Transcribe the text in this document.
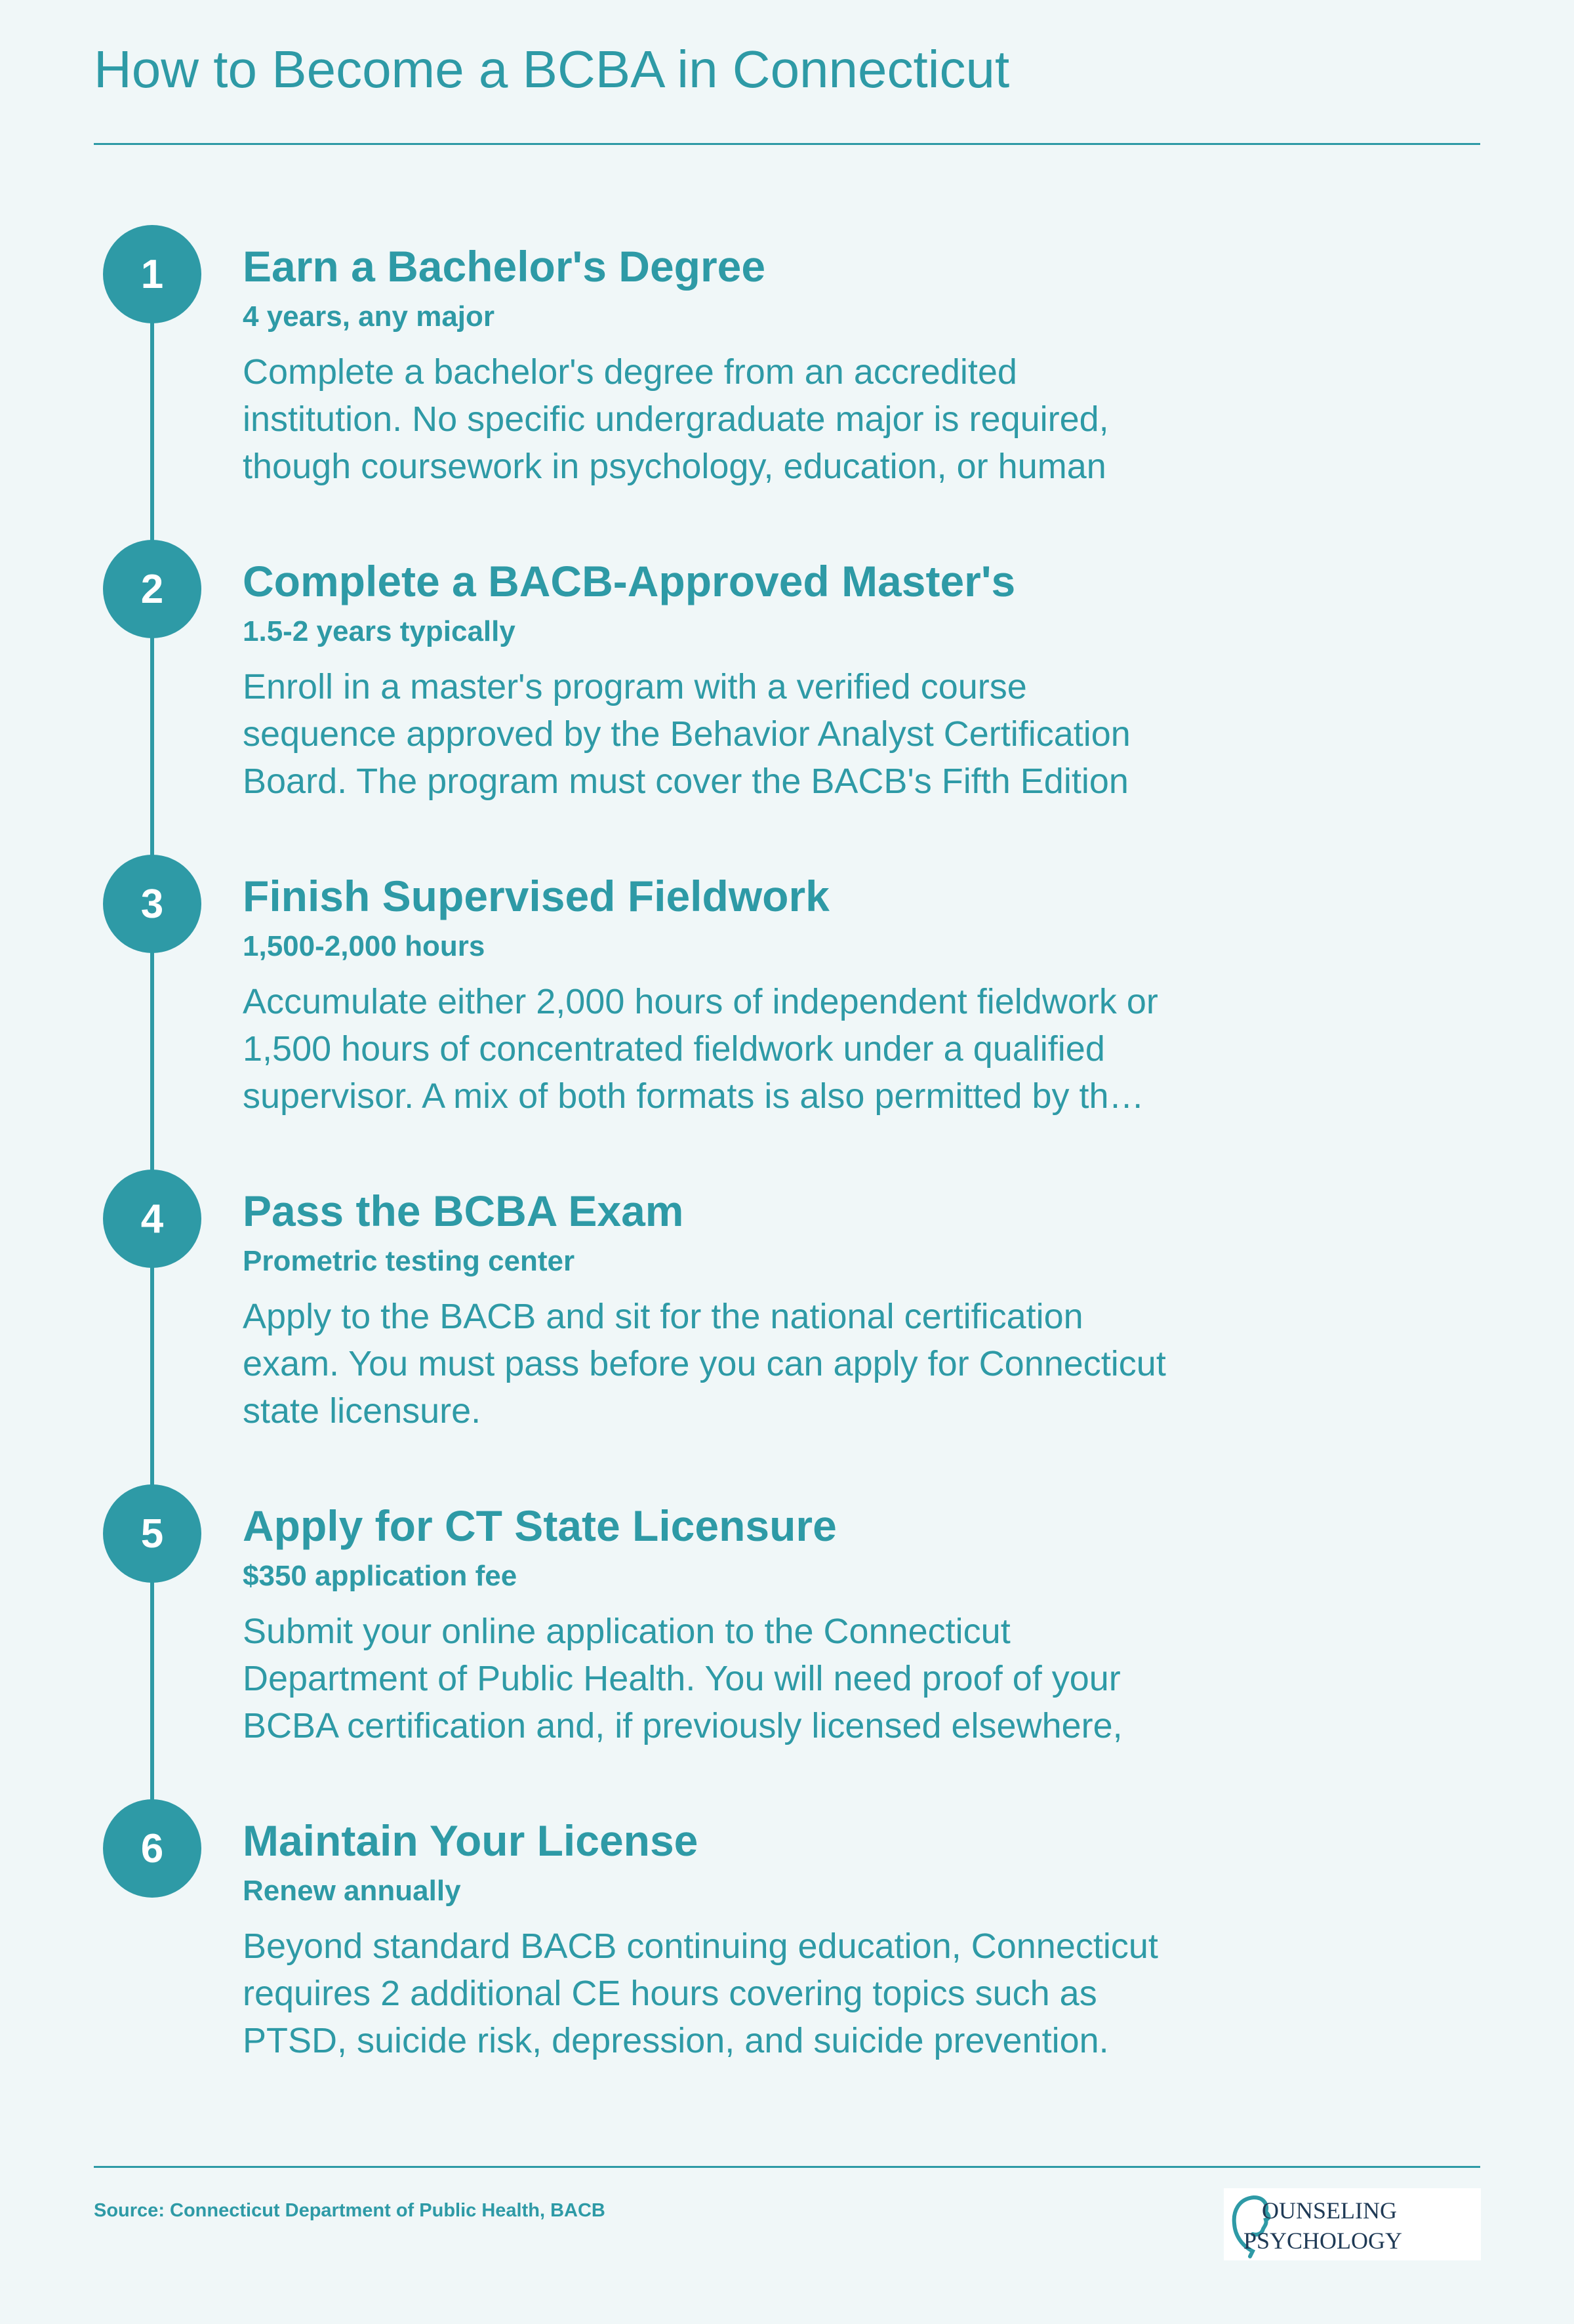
How to Become a BCBA in Connecticut
1	Earn a Bachelor's Degree
4 years, any major
Complete a bachelor's degree from an accredited
institution. No specific undergraduate major is required,
though coursework in psychology, education, or human
2	Complete a BACB-Approved Master's
1.5-2 years typically
Enroll in a master's program with a verified course
sequence approved by the Behavior Analyst Certification
Board. The program must cover the BACB's Fifth Edition
3	Finish Supervised Fieldwork
1,500-2,000 hours
Accumulate either 2,000 hours of independent fieldwork or
1,500 hours of concentrated fieldwork under a qualified
supervisor. A mix of both formats is also permitted by th…
4	Pass the BCBA Exam
Prometric testing center
Apply to the BACB and sit for the national certification
exam. You must pass before you can apply for Connecticut
state licensure.
5	Apply for CT State Licensure
$350 application fee
Submit your online application to the Connecticut
Department of Public Health. You will need proof of your
BCBA certification and, if previously licensed elsewhere,
6	Maintain Your License
Renew annually
Beyond standard BACB continuing education, Connecticut
requires 2 additional CE hours covering topics such as
PTSD, suicide risk, depression, and suicide prevention.
Source: Connecticut Department of Public Health, BACB	OUNSELING
PSYCHOLOGY
